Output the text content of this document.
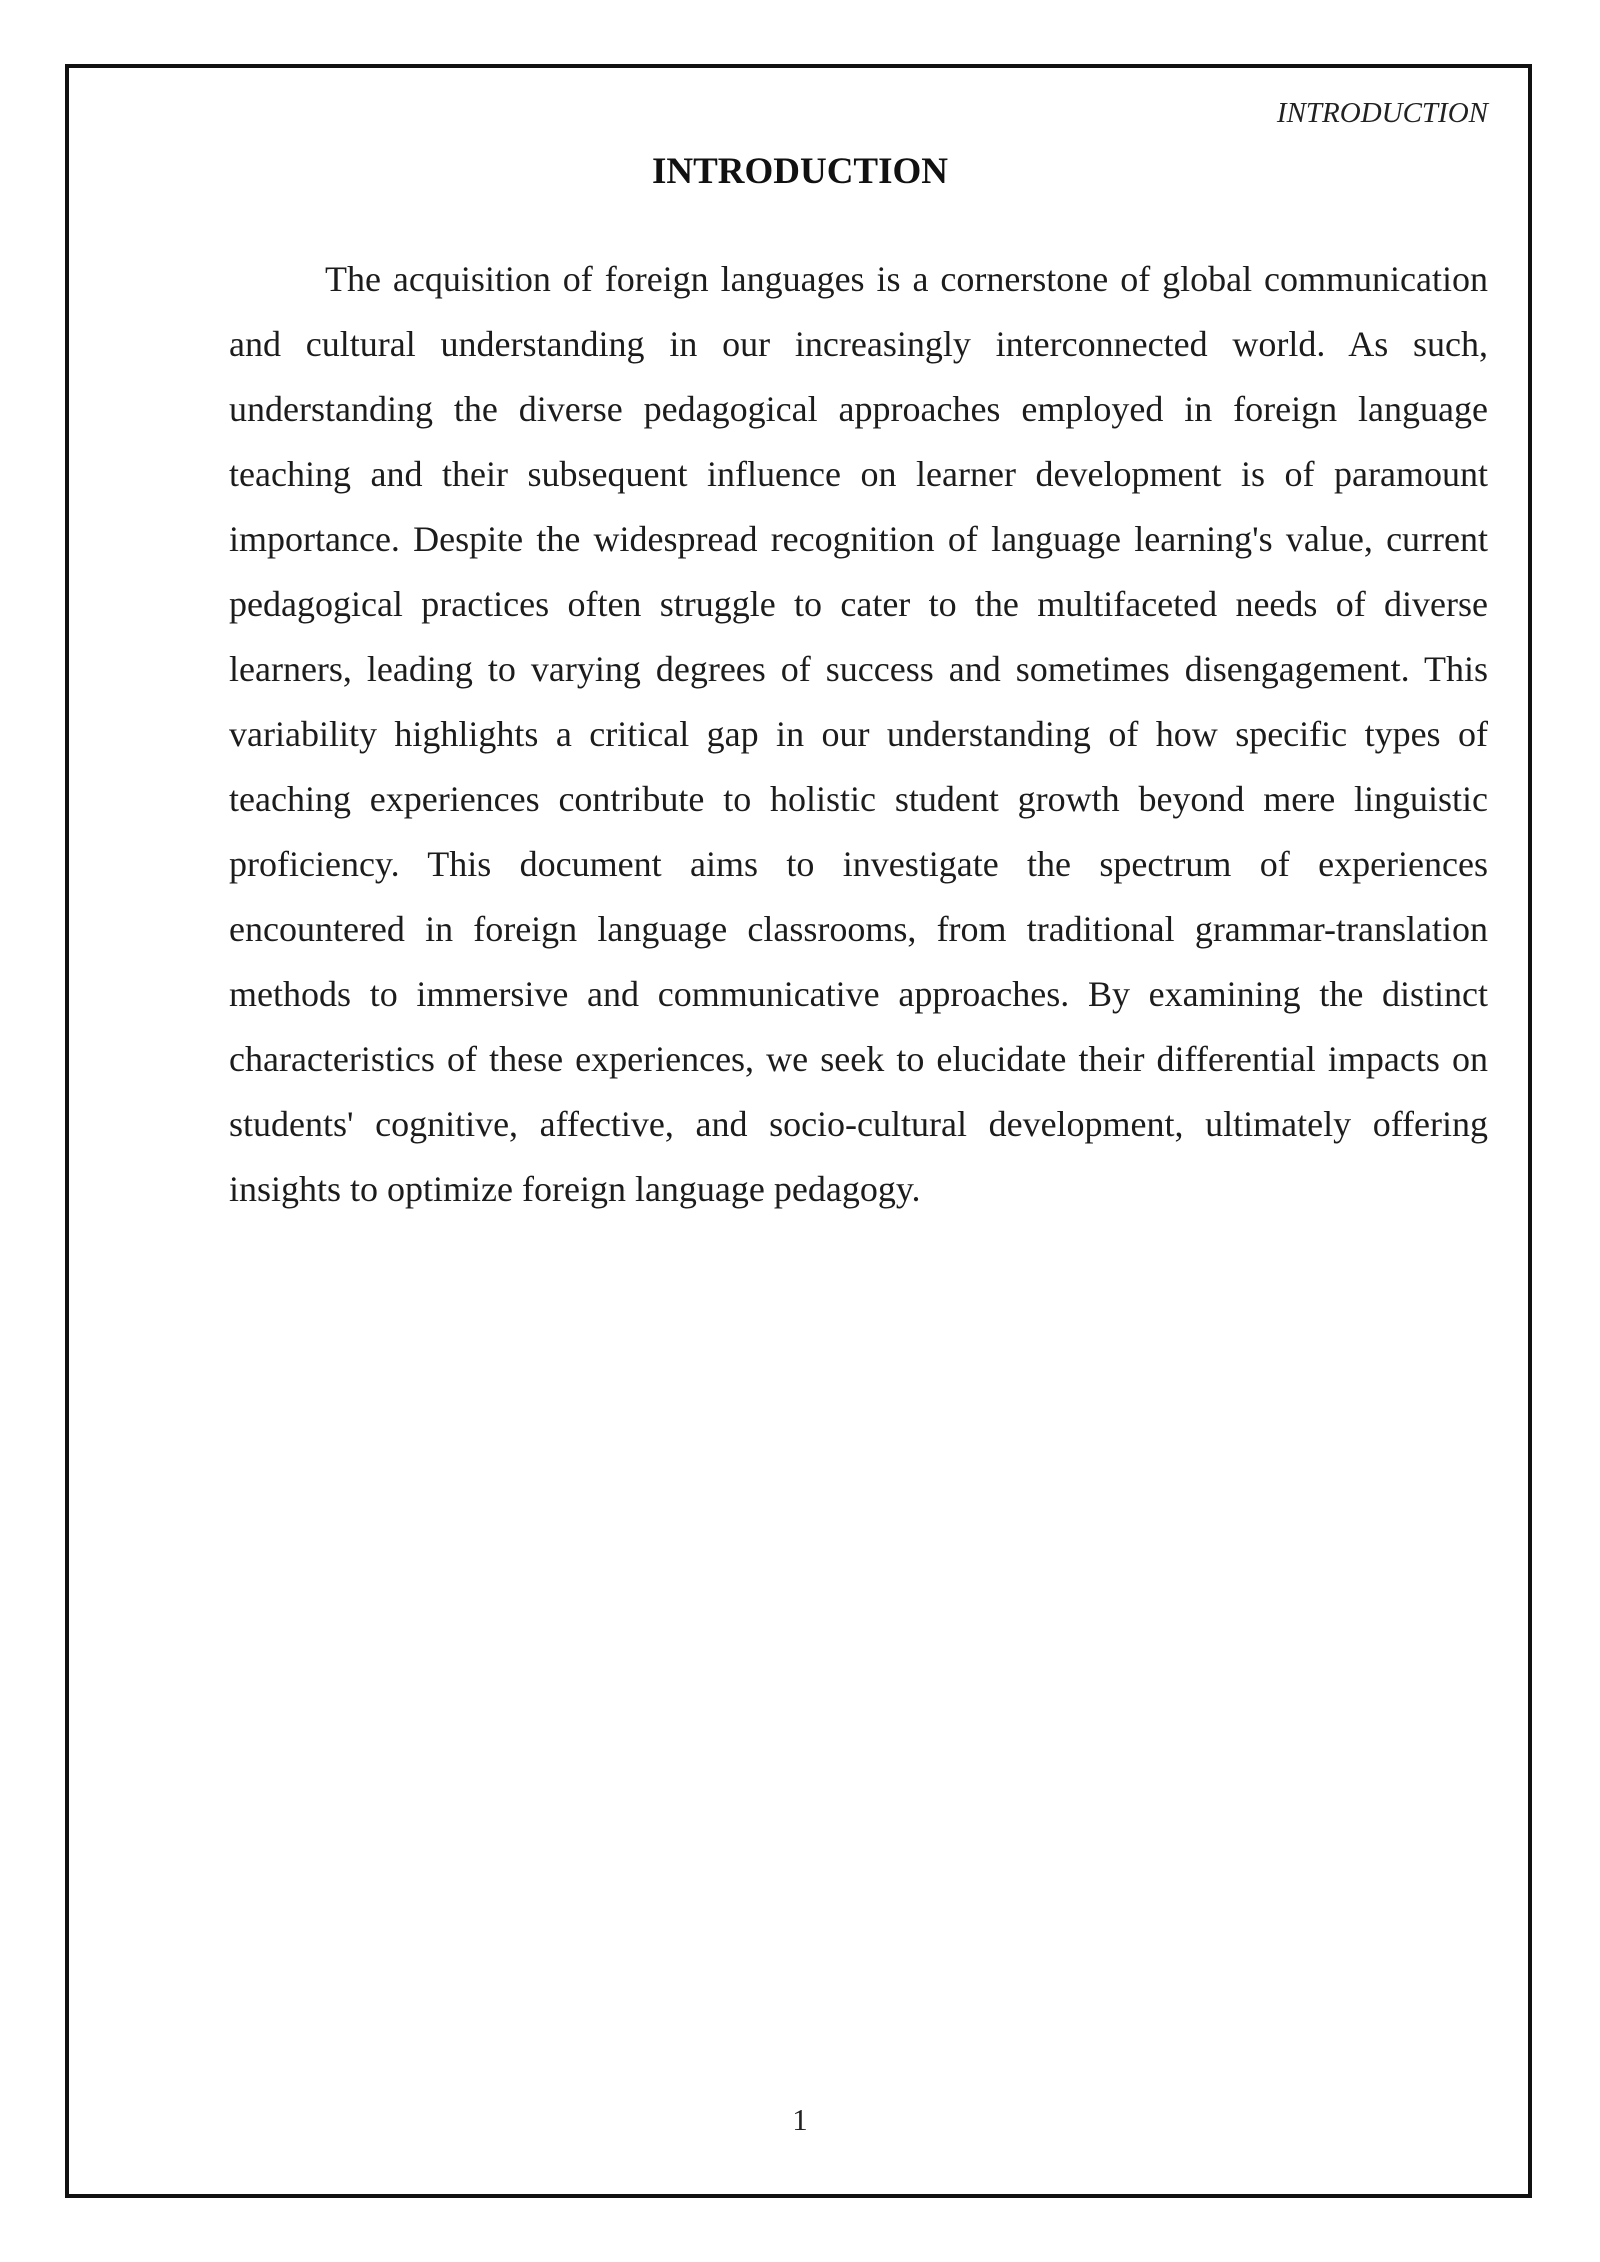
INTRODUCTION
INTRODUCTION

The acquisition of foreign languages is a cornerstone of global communication and cultural understanding in our increasingly interconnected world. As such, understanding the diverse pedagogical approaches employed in foreign language teaching and their subsequent influence on learner development is of paramount importance. Despite the widespread recognition of language learning's value, current pedagogical practices often struggle to cater to the multifaceted needs of diverse learners, leading to varying degrees of success and sometimes disengagement. This variability highlights a critical gap in our understanding of how specific types of teaching experiences contribute to holistic student growth beyond mere linguistic proficiency. This document aims to investigate the spectrum of experiences encountered in foreign language classrooms, from traditional grammar-translation methods to immersive and communicative approaches. By examining the distinct characteristics of these experiences, we seek to elucidate their differential impacts on students' cognitive, affective, and socio-cultural development, ultimately offering insights to optimize foreign language pedagogy.

1
